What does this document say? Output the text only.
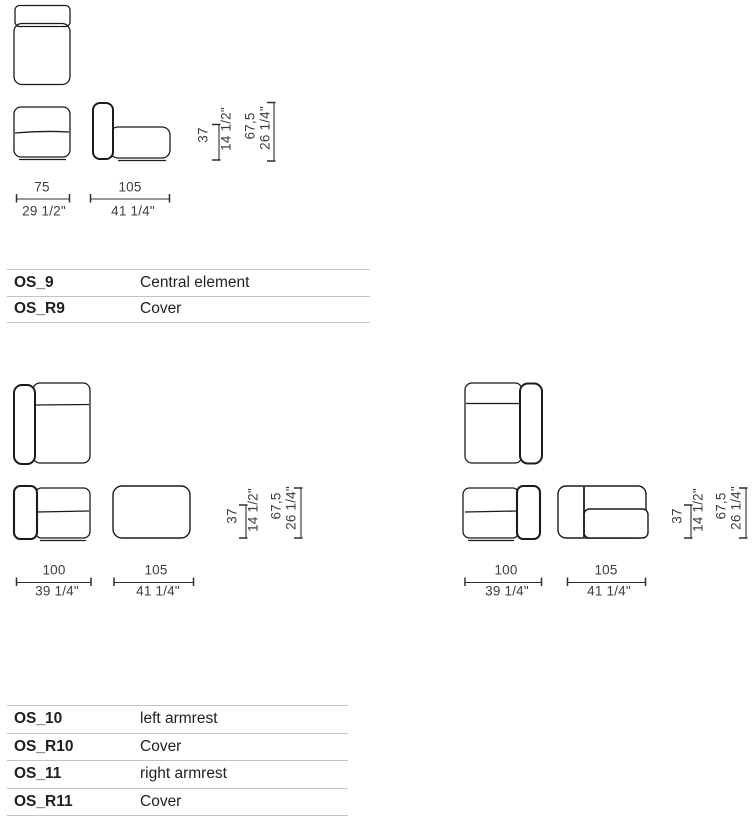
37 14 1/2" 67,5 26 1/4"
75
29 1/2"
105
41 1/4"
OS_9	Central element
OS_R9	Cover
37 14 1/2" 67,5 26 1/4"
100
39 1/4"
105
41 1/4"
37 14 1/2" 67,5 26 1/4"
100
39 1/4"
105
41 1/4"
OS_10	left armrest
OS_R10	Cover
OS_11	right armrest
OS_R11	Cover
